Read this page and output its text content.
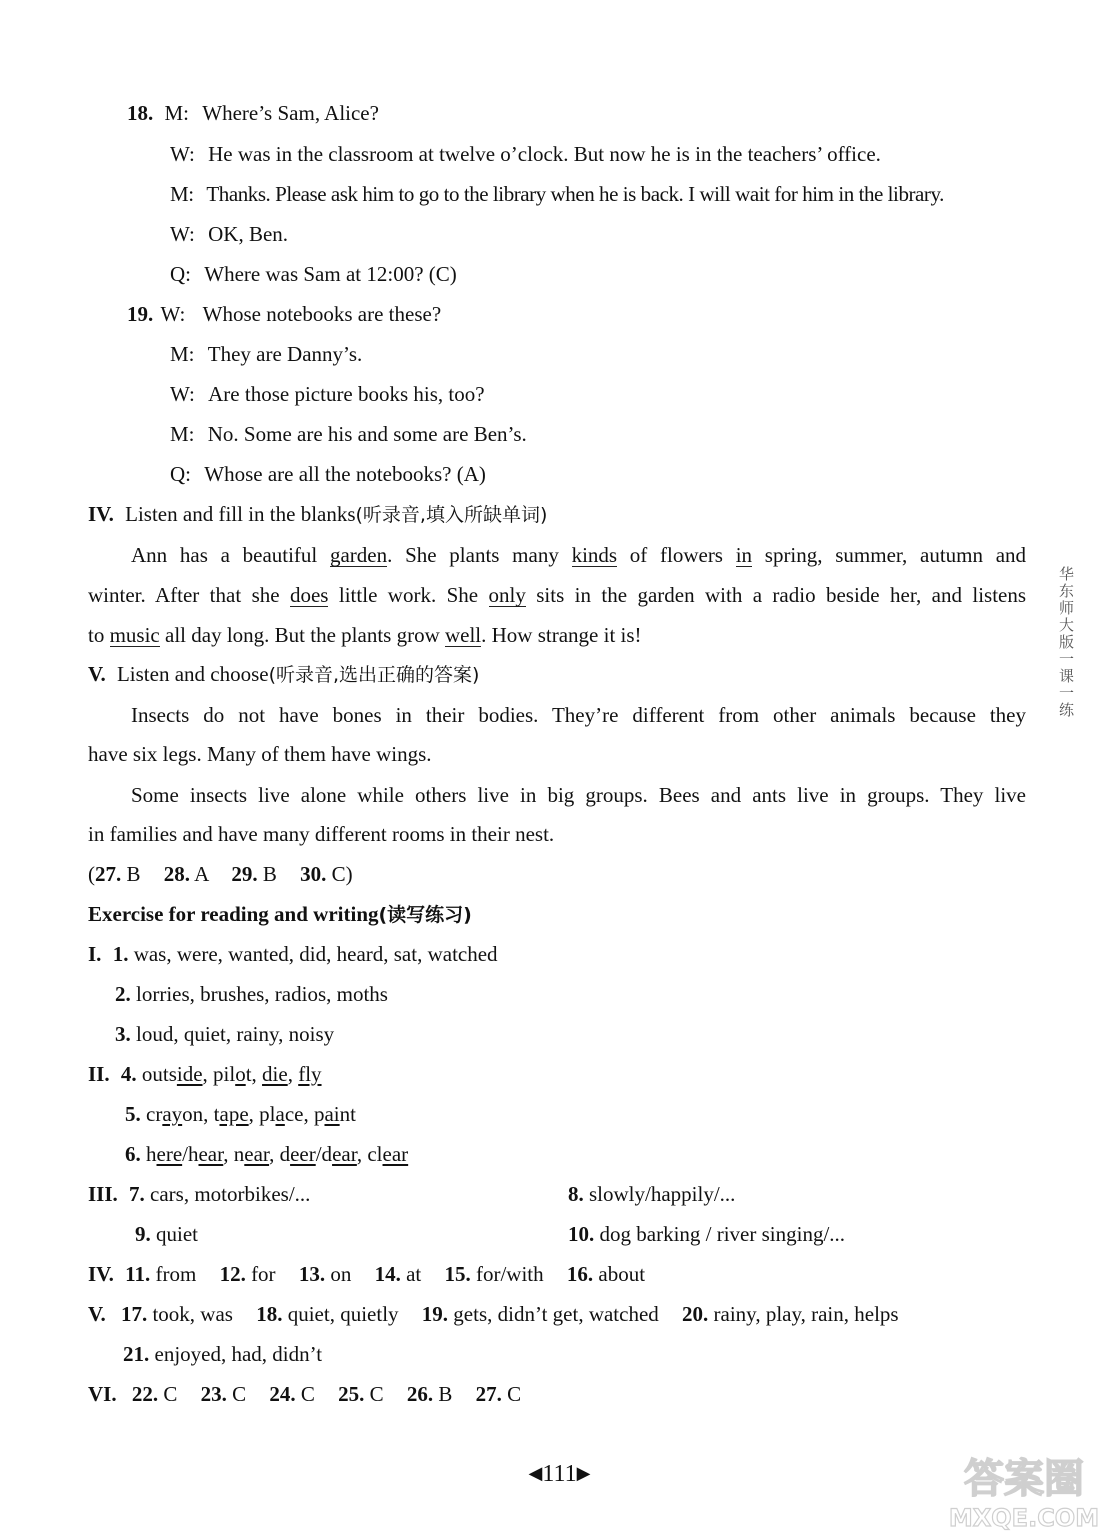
18. M: Where’s Sam, Alice?
W: He was in the classroom at twelve o’clock. But now he is in the teachers’ office.
M: Thanks. Please ask him to go to the library when he is back. I will wait for him in the library.
W: OK, Ben.
Q: Where was Sam at 12:00? (C)
19. W: Whose notebooks are these?
M: They are Danny’s.
W: Are those picture books his, too?
M: No. Some are his and some are Ben’s.
Q: Whose are all the notebooks? (A)
IV. Listen and fill in the blanks(听录音,填入所缺单词)
Ann has a beautiful garden. She plants many kinds of flowers in spring, summer, autumn and
winter. After that she does little work. She only sits in the garden with a radio beside her, and listens
to music all day long. But the plants grow well. How strange it is!
V. Listen and choose(听录音,选出正确的答案)
Insects do not have bones in their bodies. They’re different from other animals because they
have six legs. Many of them have wings.
Some insects live alone while others live in big groups. Bees and ants live in groups. They live
in families and have many different rooms in their nest.
(27. B 28. A 29. B 30. C)
Exercise for reading and writing(读写练习)
I. 1. was, were, wanted, did, heard, sat, watched
2. lorries, brushes, radios, moths
3. loud, quiet, rainy, noisy
II. 4. outside, pilot, die, fly
5. crayon, tape, place, paint
6. here/hear, near, deer/dear, clear
III. 7. cars, motorbikes/...	8. slowly/happily/...
9. quiet	10. dog barking / river singing/...
IV. 11. from 12. for 13. on 14. at 15. for/with 16. about
V. 17. took, was 18. quiet, quietly 19. gets, didn’t get, watched 20. rainy, play, rain, helps
21. enjoyed, had, didn’t
VI. 22. C 23. C 24. C 25. C 26. B 27. C
华东师大版一课一练
◀111▶	答案圈
MXQE.COM
